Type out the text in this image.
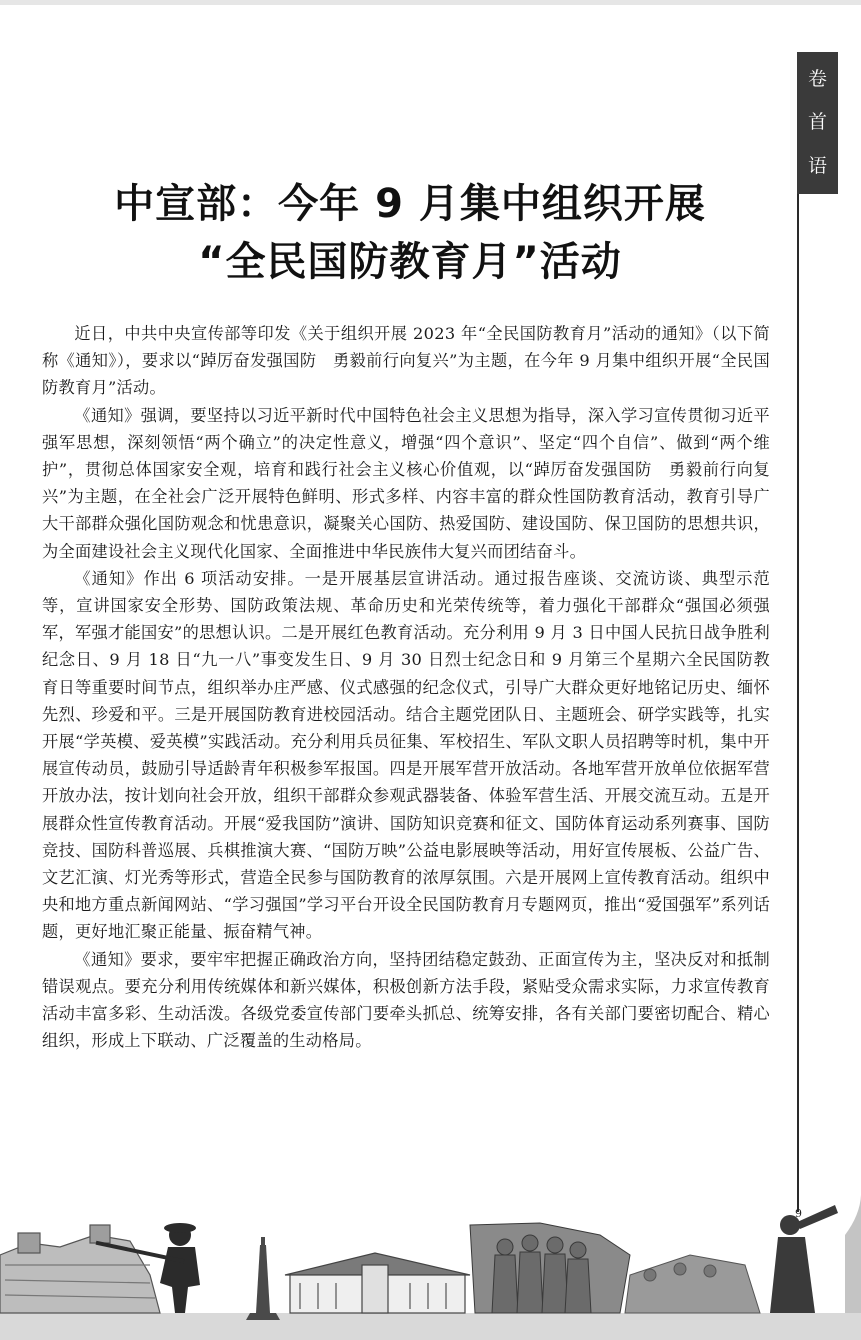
卷
首
语
中宣部：今年 9 月集中组织开展
“全民国防教育月”活动

近日，中共中央宣传部等印发《关于组织开展 2023 年“全民国防教育月”活动的通知》（以下简称《通知》），要求以“踔厉奋发强国防　勇毅前行向复兴”为主题，在今年 9 月集中组织开展“全民国防教育月”活动。

《通知》强调，要坚持以习近平新时代中国特色社会主义思想为指导，深入学习宣传贯彻习近平强军思想，深刻领悟“两个确立”的决定性意义，增强“四个意识”、坚定“四个自信”、做到“两个维护”，贯彻总体国家安全观，培育和践行社会主义核心价值观，以“踔厉奋发强国防　勇毅前行向复兴”为主题，在全社会广泛开展特色鲜明、形式多样、内容丰富的群众性国防教育活动，教育引导广大干部群众强化国防观念和忧患意识，凝聚关心国防、热爱国防、建设国防、保卫国防的思想共识，为全面建设社会主义现代化国家、全面推进中华民族伟大复兴而团结奋斗。

《通知》作出 6 项活动安排。一是开展基层宣讲活动。通过报告座谈、交流访谈、典型示范等，宣讲国家安全形势、国防政策法规、革命历史和光荣传统等，着力强化干部群众“强国必须强军，军强才能国安”的思想认识。二是开展红色教育活动。充分利用 9 月 3 日中国人民抗日战争胜利纪念日、9 月 18 日“九一八”事变发生日、9 月 30 日烈士纪念日和 9 月第三个星期六全民国防教育日等重要时间节点，组织举办庄严感、仪式感强的纪念仪式，引导广大群众更好地铭记历史、缅怀先烈、珍爱和平。三是开展国防教育进校园活动。结合主题党团队日、主题班会、研学实践等，扎实开展“学英模、爱英模”实践活动。充分利用兵员征集、军校招生、军队文职人员招聘等时机，集中开展宣传动员，鼓励引导适龄青年积极参军报国。四是开展军营开放活动。各地军营开放单位依据军营开放办法，按计划向社会开放，组织干部群众参观武器装备、体验军营生活、开展交流互动。五是开展群众性宣传教育活动。开展“爱我国防”演讲、国防知识竞赛和征文、国防体育运动系列赛事、国防竞技、国防科普巡展、兵棋推演大赛、“国防万映”公益电影展映等活动，用好宣传展板、公益广告、文艺汇演、灯光秀等形式，营造全民参与国防教育的浓厚氛围。六是开展网上宣传教育活动。组织中央和地方重点新闻网站、“学习强国”学习平台开设全民国防教育月专题网页，推出“爱国强军”系列话题，更好地汇聚正能量、振奋精气神。

《通知》要求，要牢牢把握正确政治方向，坚持团结稳定鼓劲、正面宣传为主，坚决反对和抵制错误观点。要充分利用传统媒体和新兴媒体，积极创新方法手段，紧贴受众需求实际，力求宣传教育活动丰富多彩、生动活泼。各级党委宣传部门要牵头抓总、统筹安排，各有关部门要密切配合、精心组织，形成上下联动、广泛覆盖的生动格局。

9
